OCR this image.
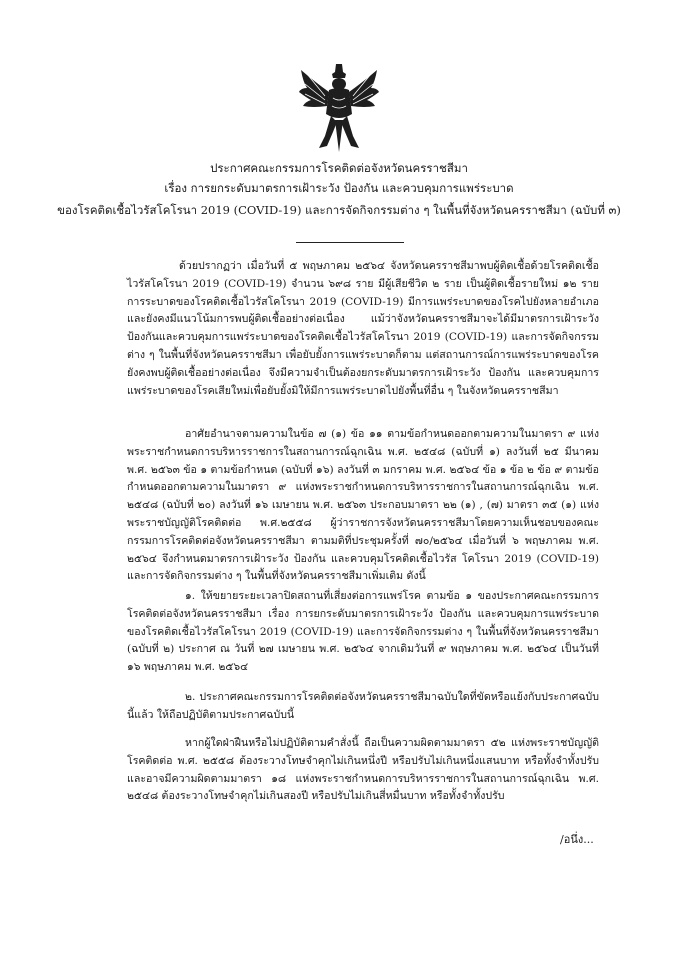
ประกาศคณะกรรมการโรคติดต่อจังหวัดนครราชสีมา
เรื่อง การยกระดับมาตรการเฝ้าระวัง ป้องกัน และควบคุมการแพร่ระบาด
ของโรคติดเชื้อไวรัสโคโรนา 2019 (COVID-19) และการจัดกิจกรรมต่าง ๆ ในพื้นที่จังหวัดนครราชสีมา (ฉบับที่ ๓)
ด้วยปรากฏว่า เมื่อวันที่ ๕ พฤษภาคม ๒๕๖๔ จังหวัดนครราชสีมาพบผู้ติดเชื้อด้วยโรคติดเชื้อไวรัสโคโรนา 2019 (COVID-19) จำนวน ๖๙๘ ราย มีผู้เสียชีวิต ๒ ราย เป็นผู้ติดเชื้อรายใหม่ ๑๒ ราย การระบาดของโรคติดเชื้อไวรัสโคโรนา 2019 (COVID-19) มีการแพร่ระบาดของโรคไปยังหลายอำเภอ และยังคงมีแนวโน้มการพบผู้ติดเชื้ออย่างต่อเนื่อง แม้ว่าจังหวัดนครราชสีมาจะได้มีมาตรการเฝ้าระวัง ป้องกันและควบคุมการแพร่ระบาดของโรคติดเชื้อไวรัสโคโรนา 2019 (COVID-19) และการจัดกิจกรรมต่าง ๆ ในพื้นที่จังหวัดนครราชสีมา เพื่อยับยั้งการแพร่ระบาดก็ตาม แต่สถานการณ์การแพร่ระบาดของโรคยังคงพบผู้ติดเชื้ออย่างต่อเนื่อง จึงมีความจำเป็นต้องยกระดับมาตรการเฝ้าระวัง ป้องกัน และควบคุมการแพร่ระบาดของโรคเสียใหม่เพื่อยับยั้งมิให้มีการแพร่ระบาดไปยังพื้นที่อื่น ๆ ในจังหวัดนครราชสีมา
อาศัยอำนาจตามความในข้อ ๗ (๑) ข้อ ๑๑ ตามข้อกำหนดออกตามความในมาตรา ๙ แห่งพระราชกำหนดการบริหารราชการในสถานการณ์ฉุกเฉิน พ.ศ. ๒๕๔๘ (ฉบับที่ ๑) ลงวันที่ ๒๕ มีนาคม พ.ศ. ๒๕๖๓ ข้อ ๑ ตามข้อกำหนด (ฉบับที่ ๑๖) ลงวันที่ ๓ มกราคม พ.ศ. ๒๕๖๔ ข้อ ๑ ข้อ ๒ ข้อ ๙ ตามข้อกำหนดออกตามความในมาตรา ๙ แห่งพระราชกำหนดการบริหารราชการในสถานการณ์ฉุกเฉิน พ.ศ. ๒๕๔๘ (ฉบับที่ ๒๐) ลงวันที่ ๑๖ เมษายน พ.ศ. ๒๕๖๓ ประกอบมาตรา ๒๒ (๑) , (๗) มาตรา ๓๕ (๑) แห่งพระราชบัญญัติโรคติดต่อ พ.ศ.๒๕๕๘ ผู้ว่าราชการจังหวัดนครราชสีมาโดยความเห็นชอบของคณะกรรมการโรคติดต่อจังหวัดนครราชสีมา ตามมติที่ประชุมครั้งที่ ๗๐/๒๕๖๔ เมื่อวันที่ ๖ พฤษภาคม พ.ศ. ๒๕๖๔ จึงกำหนดมาตรการเฝ้าระวัง ป้องกัน และควบคุมโรคติดเชื้อไวรัส โคโรนา 2019 (COVID-19) และการจัดกิจกรรมต่าง ๆ ในพื้นที่จังหวัดนครราชสีมาเพิ่มเติม ดังนี้
๑. ให้ขยายระยะเวลาปิดสถานที่เสี่ยงต่อการแพร่โรค ตามข้อ ๑ ของประกาศคณะกรรมการโรคติดต่อจังหวัดนครราชสีมา เรื่อง การยกระดับมาตรการเฝ้าระวัง ป้องกัน และควบคุมการแพร่ระบาดของโรคติดเชื้อไวรัสโคโรนา 2019 (COVID-19) และการจัดกิจกรรมต่าง ๆ ในพื้นที่จังหวัดนครราชสีมา (ฉบับที่ ๒) ประกาศ ณ วันที่ ๒๗ เมษายน พ.ศ. ๒๕๖๔ จากเดิมวันที่ ๙ พฤษภาคม พ.ศ. ๒๕๖๔ เป็นวันที่ ๑๖ พฤษภาคม พ.ศ. ๒๕๖๔
๒. ประกาศคณะกรรมการโรคติดต่อจังหวัดนครราชสีมาฉบับใดที่ขัดหรือแย้งกับประกาศฉบับนี้แล้ว ให้ถือปฏิบัติตามประกาศฉบับนี้
หากผู้ใดฝ่าฝืนหรือไม่ปฏิบัติตามคำสั่งนี้ ถือเป็นความผิดตามมาตรา ๕๒ แห่งพระราชบัญญัติโรคติดต่อ พ.ศ. ๒๕๕๘ ต้องระวางโทษจำคุกไม่เกินหนึ่งปี หรือปรับไม่เกินหนึ่งแสนบาท หรือทั้งจำทั้งปรับ และอาจมีความผิดตามมาตรา ๑๘ แห่งพระราชกำหนดการบริหารราชการในสถานการณ์ฉุกเฉิน พ.ศ. ๒๕๔๘ ต้องระวางโทษจำคุกไม่เกินสองปี หรือปรับไม่เกินสี่หมื่นบาท หรือทั้งจำทั้งปรับ
/อนึ่ง...
